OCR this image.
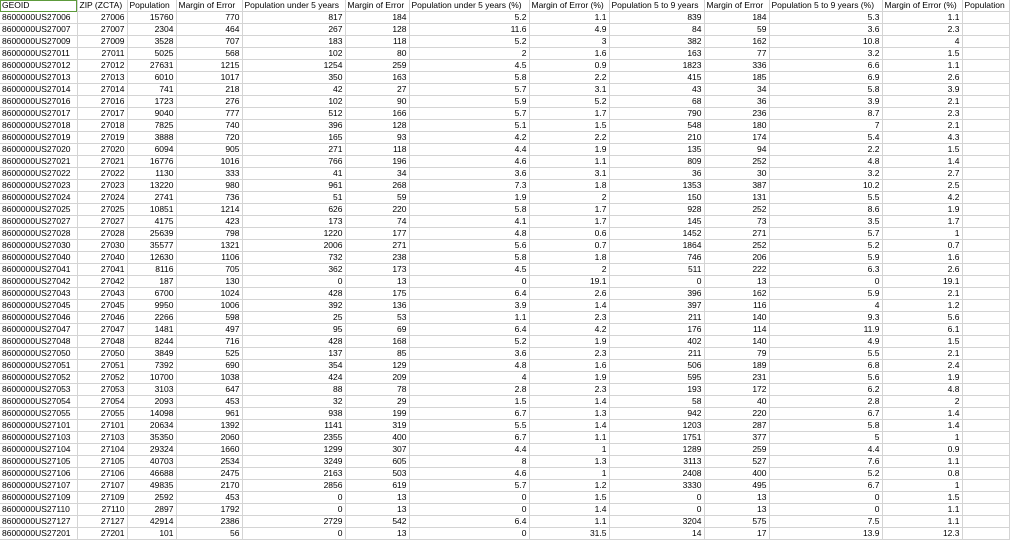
GEOID	ZIP (ZCTA)	Population	Margin of Error	Population under 5 years	Margin of Error	Population under 5 years (%)	Margin of Error (%)	Population 5 to 9 years	Margin of Error	Population 5 to 9 years (%)	Margin of Error (%)	Population
8600000US27006	27006	15760	770	817	184	5.2	1.1	839	184	5.3	1.1	
8600000US27007	27007	2304	464	267	128	11.6	4.9	84	59	3.6	2.3	
8600000US27009	27009	3528	707	183	118	5.2	3	382	162	10.8	4	
8600000US27011	27011	5025	568	102	80	2	1.6	163	77	3.2	1.5	
8600000US27012	27012	27631	1215	1254	259	4.5	0.9	1823	336	6.6	1.1	
8600000US27013	27013	6010	1017	350	163	5.8	2.2	415	185	6.9	2.6	
8600000US27014	27014	741	218	42	27	5.7	3.1	43	34	5.8	3.9	
8600000US27016	27016	1723	276	102	90	5.9	5.2	68	36	3.9	2.1	
8600000US27017	27017	9040	777	512	166	5.7	1.7	790	236	8.7	2.3	
8600000US27018	27018	7825	740	396	128	5.1	1.5	548	180	7	2.1	
8600000US27019	27019	3888	720	165	93	4.2	2.2	210	174	5.4	4.3	
8600000US27020	27020	6094	905	271	118	4.4	1.9	135	94	2.2	1.5	
8600000US27021	27021	16776	1016	766	196	4.6	1.1	809	252	4.8	1.4	
8600000US27022	27022	1130	333	41	34	3.6	3.1	36	30	3.2	2.7	
8600000US27023	27023	13220	980	961	268	7.3	1.8	1353	387	10.2	2.5	
8600000US27024	27024	2741	736	51	59	1.9	2	150	131	5.5	4.2	
8600000US27025	27025	10851	1214	626	220	5.8	1.7	928	252	8.6	1.9	
8600000US27027	27027	4175	423	173	74	4.1	1.7	145	73	3.5	1.7	
8600000US27028	27028	25639	798	1220	177	4.8	0.6	1452	271	5.7	1	
8600000US27030	27030	35577	1321	2006	271	5.6	0.7	1864	252	5.2	0.7	
8600000US27040	27040	12630	1106	732	238	5.8	1.8	746	206	5.9	1.6	
8600000US27041	27041	8116	705	362	173	4.5	2	511	222	6.3	2.6	
8600000US27042	27042	187	130	0	13	0	19.1	0	13	0	19.1	
8600000US27043	27043	6700	1024	428	175	6.4	2.6	396	162	5.9	2.1	
8600000US27045	27045	9950	1006	392	136	3.9	1.4	397	116	4	1.2	
8600000US27046	27046	2266	598	25	53	1.1	2.3	211	140	9.3	5.6	
8600000US27047	27047	1481	497	95	69	6.4	4.2	176	114	11.9	6.1	
8600000US27048	27048	8244	716	428	168	5.2	1.9	402	140	4.9	1.5	
8600000US27050	27050	3849	525	137	85	3.6	2.3	211	79	5.5	2.1	
8600000US27051	27051	7392	690	354	129	4.8	1.6	506	189	6.8	2.4	
8600000US27052	27052	10700	1038	424	209	4	1.9	595	231	5.6	1.9	
8600000US27053	27053	3103	647	88	78	2.8	2.3	193	172	6.2	4.8	
8600000US27054	27054	2093	453	32	29	1.5	1.4	58	40	2.8	2	
8600000US27055	27055	14098	961	938	199	6.7	1.3	942	220	6.7	1.4	
8600000US27101	27101	20634	1392	1141	319	5.5	1.4	1203	287	5.8	1.4	
8600000US27103	27103	35350	2060	2355	400	6.7	1.1	1751	377	5	1	
8600000US27104	27104	29324	1660	1299	307	4.4	1	1289	259	4.4	0.9	
8600000US27105	27105	40703	2534	3249	605	8	1.3	3113	527	7.6	1.1	
8600000US27106	27106	46688	2475	2163	503	4.6	1	2408	400	5.2	0.8	
8600000US27107	27107	49835	2170	2856	619	5.7	1.2	3330	495	6.7	1	
8600000US27109	27109	2592	453	0	13	0	1.5	0	13	0	1.5	
8600000US27110	27110	2897	1792	0	13	0	1.4	0	13	0	1.1	
8600000US27127	27127	42914	2386	2729	542	6.4	1.1	3204	575	7.5	1.1	
8600000US27201	27201	101	56	0	13	0	31.5	14	17	13.9	12.3	
